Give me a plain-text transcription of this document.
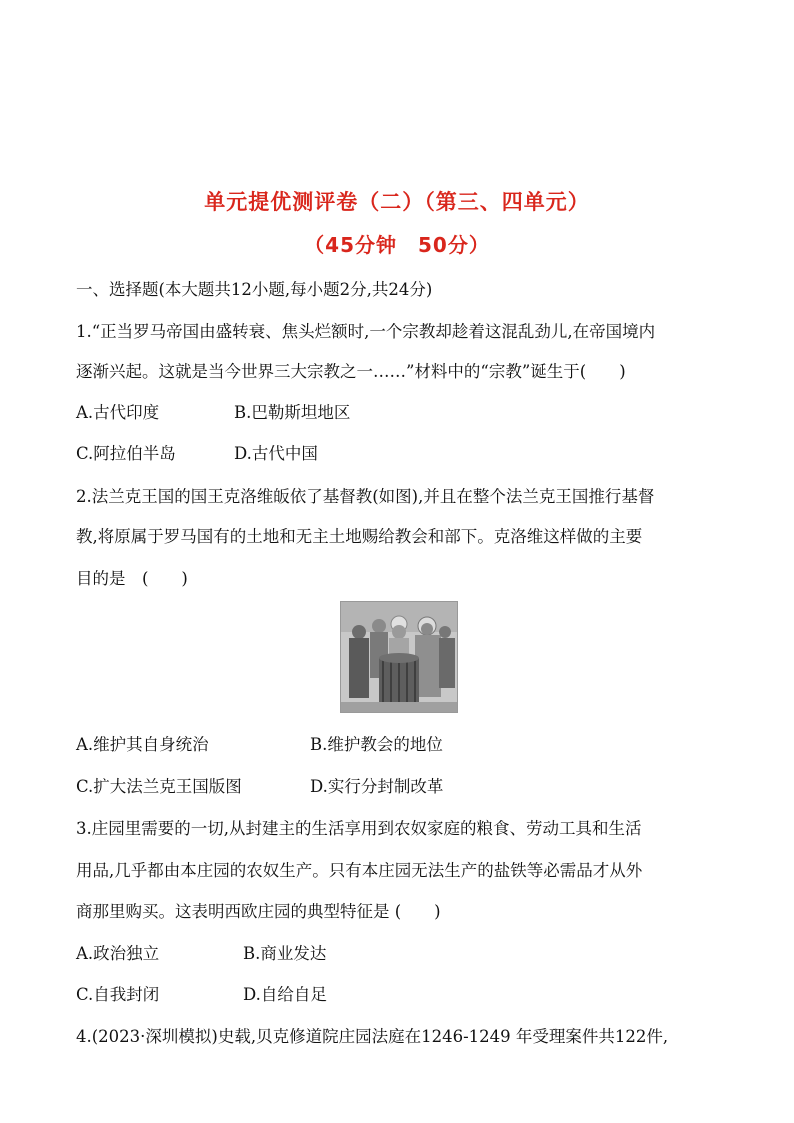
单元提优测评卷（二）（第三、四单元）
（45分钟　50分）
一、选择题(本大题共12小题,每小题2分,共24分)
1.“正当罗马帝国由盛转衰、焦头烂额时,一个宗教却趁着这混乱劲儿,在帝国境内
逐渐兴起。这就是当今世界三大宗教之一……”材料中的“宗教”诞生于(　　)
A.古代印度	B.巴勒斯坦地区
C.阿拉伯半岛	D.古代中国
2.法兰克王国的国王克洛维皈依了基督教(如图),并且在整个法兰克王国推行基督
教,将原属于罗马国有的土地和无主土地赐给教会和部下。克洛维这样做的主要
目的是　(　　)
A.维护其自身统治	B.维护教会的地位
C.扩大法兰克王国版图	D.实行分封制改革
3.庄园里需要的一切,从封建主的生活享用到农奴家庭的粮食、劳动工具和生活
用品,几乎都由本庄园的农奴生产。只有本庄园无法生产的盐铁等必需品才从外
商那里购买。这表明西欧庄园的典型特征是 (　　)
A.政治独立	B.商业发达
C.自我封闭	D.自给自足
4.(2023·深圳模拟)史载,贝克修道院庄园法庭在1246-1249 年受理案件共122件,
